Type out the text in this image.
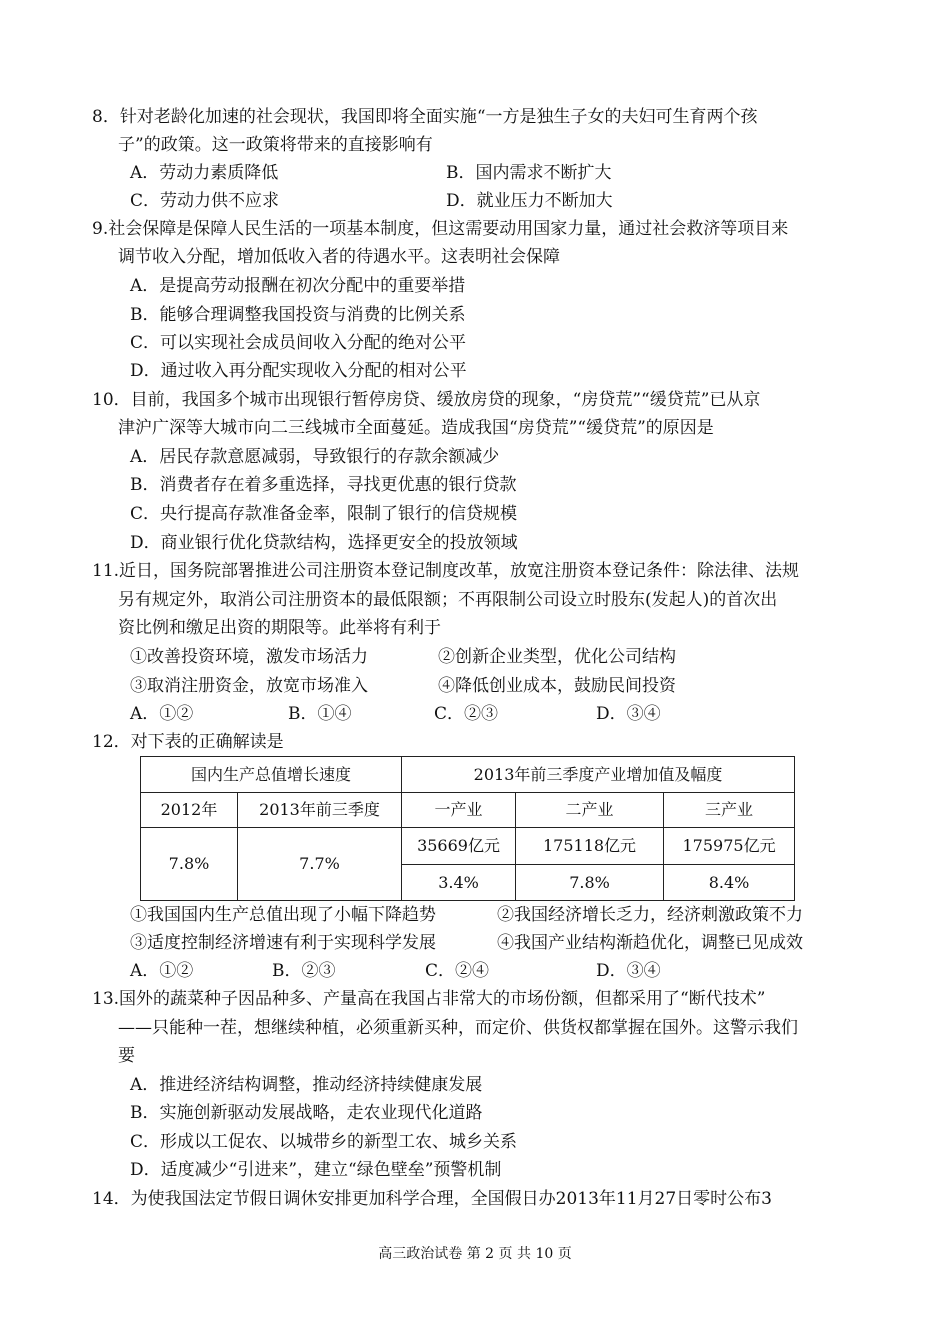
8．针对老龄化加速的社会现状，我国即将全面实施“一方是独生子女的夫妇可生育两个孩
子”的政策。这一政策将带来的直接影响有
A．劳动力素质降低	B．国内需求不断扩大
C．劳动力供不应求	D．就业压力不断加大
9.社会保障是保障人民生活的一项基本制度，但这需要动用国家力量，通过社会救济等项目来
调节收入分配，增加低收入者的待遇水平。这表明社会保障
A．是提高劳动报酬在初次分配中的重要举措
B．能够合理调整我国投资与消费的比例关系
C．可以实现社会成员间收入分配的绝对公平
D．通过收入再分配实现收入分配的相对公平
10．目前，我国多个城市出现银行暂停房贷、缓放房贷的现象，“房贷荒”“缓贷荒”已从京
津沪广深等大城市向二三线城市全面蔓延。造成我国“房贷荒”“缓贷荒”的原因是
A．居民存款意愿减弱，导致银行的存款余额减少
B．消费者存在着多重选择，寻找更优惠的银行贷款
C．央行提高存款准备金率，限制了银行的信贷规模
D．商业银行优化贷款结构，选择更安全的投放领域
11.近日，国务院部署推进公司注册资本登记制度改革，放宽注册资本登记条件：除法律、法规
另有规定外，取消公司注册资本的最低限额；不再限制公司设立时股东(发起人)的首次出
资比例和缴足出资的期限等。此举将有利于
①改善投资环境，激发市场活力	②创新企业类型，优化公司结构
③取消注册资金，放宽市场准入	④降低创业成本，鼓励民间投资
A．①②	B．①④	C．②③	D．③④
12．对下表的正确解读是
国内生产总值增长速度		2013年前三季度产业增加值及幅度		
2012年	2013年前三季度	一产业	二产业	三产业
7.8%	7.7%	35669亿元	175118亿元	175975亿元
		3.4%	7.8%	8.4%
①我国国内生产总值出现了小幅下降趋势	②我国经济增长乏力，经济刺激政策不力
③适度控制经济增速有利于实现科学发展	④我国产业结构渐趋优化，调整已见成效
A．①②	B．②③	C．②④	D．③④
13.国外的蔬菜种子因品种多、产量高在我国占非常大的市场份额，但都采用了“断代技术”
——只能种一茬，想继续种植，必须重新买种，而定价、供货权都掌握在国外。这警示我们
要
A．推进经济结构调整，推动经济持续健康发展
B．实施创新驱动发展战略，走农业现代化道路
C．形成以工促农、以城带乡的新型工农、城乡关系
D．适度减少“引进来”，建立“绿色壁垒”预警机制
14．为使我国法定节假日调休安排更加科学合理，全国假日办2013年11月27日零时公布3
高三政治试卷 第 2 页 共 10 页
